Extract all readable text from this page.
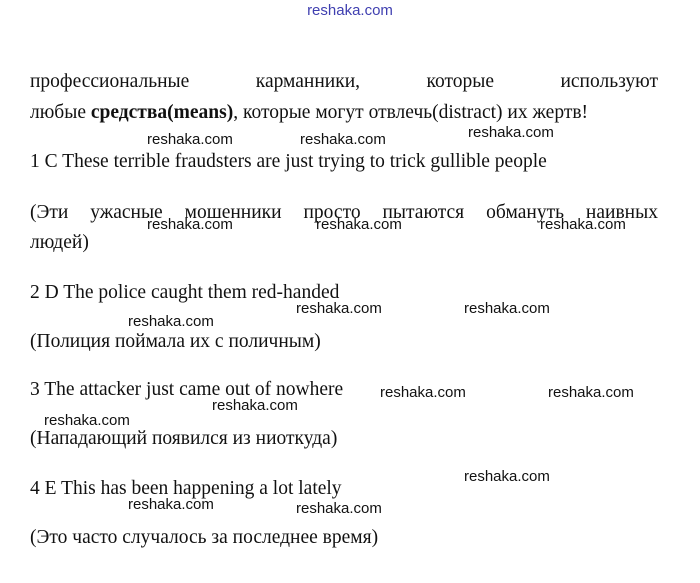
reshaka.com
профессиональные	карманники,	которые	используют
любые средства(means), которые могут отвлечь(distract) их жертв!
1 C These terrible fraudsters are just trying to trick gullible people
(Эти ужасные мошенники просто пытаются обмануть наивных
людей)
2 D The police caught them red-handed
(Полиция поймала их с поличным)
3 The attacker just came out of nowhere
(Нападающий появился из ниоткуда)
4 E This has been happening a lot lately
(Это часто случалось за последнее время)
reshaka.com	reshaka.com	reshaka.com
reshaka.com	reshaka.com	reshaka.com
reshaka.com	reshaka.com
reshaka.com
reshaka.com	reshaka.com
reshaka.com
reshaka.com
reshaka.com
reshaka.com	reshaka.com
